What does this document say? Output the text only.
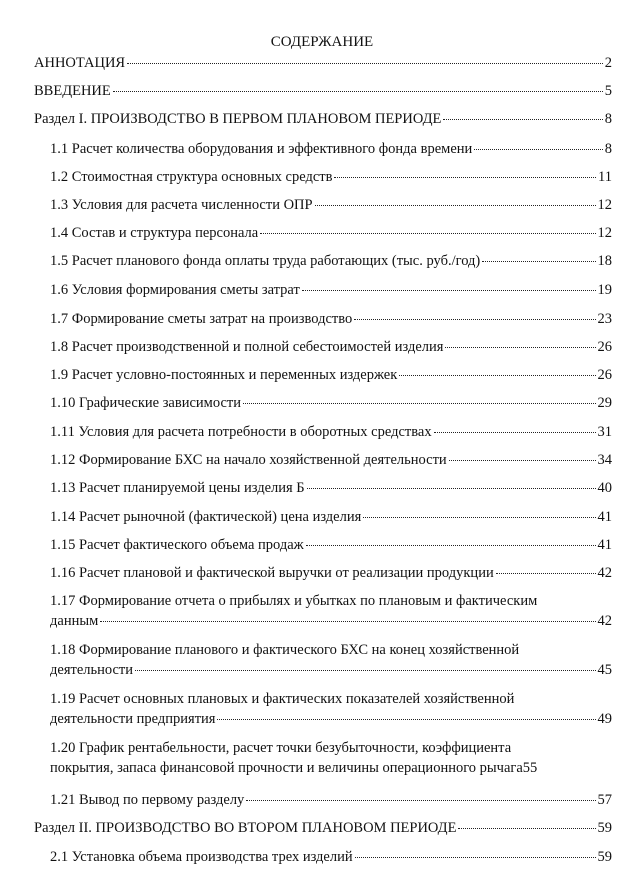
СОДЕРЖАНИЕ
АННОТАЦИЯ	2
ВВЕДЕНИЕ	5
Раздел I. ПРОИЗВОДСТВО В ПЕРВОМ ПЛАНОВОМ ПЕРИОДЕ	8
1.1 Расчет количества оборудования и эффективного фонда времени	8
1.2 Стоимостная структура основных средств	11
1.3 Условия для расчета численности ОПР	12
1.4 Состав и структура персонала	12
1.5 Расчет планового фонда оплаты труда работающих (тыс. руб./год)	18
1.6 Условия формирования сметы затрат	19
1.7 Формирование сметы затрат на производство	23
1.8 Расчет производственной и полной себестоимостей изделия	26
1.9 Расчет условно-постоянных и переменных издержек	26
1.10 Графические зависимости	29
1.11 Условия для расчета потребности в оборотных средствах	31
1.12 Формирование БХС на начало хозяйственной деятельности	34
1.13 Расчет планируемой цены изделия Б	40
1.14 Расчет рыночной (фактической) цена изделия	41
1.15 Расчет фактического объема продаж	41
1.16 Расчет плановой и фактической выручки от реализации продукции	42
1.17 Формирование отчета о прибылях и убытках по плановым и фактическим
данным	42
1.18 Формирование планового и фактического БХС на конец хозяйственной
деятельности	45
1.19 Расчет основных плановых и фактических показателей хозяйственной
деятельности предприятия	49
1.20 График рентабельности, расчет точки безубыточности, коэффициента
покрытия, запаса финансовой прочности и величины операционного рычага 55
1.21 Вывод по первому разделу	57
Раздел II. ПРОИЗВОДСТВО ВО ВТОРОМ ПЛАНОВОМ ПЕРИОДЕ	59
2.1 Установка объема производства трех изделий	59
